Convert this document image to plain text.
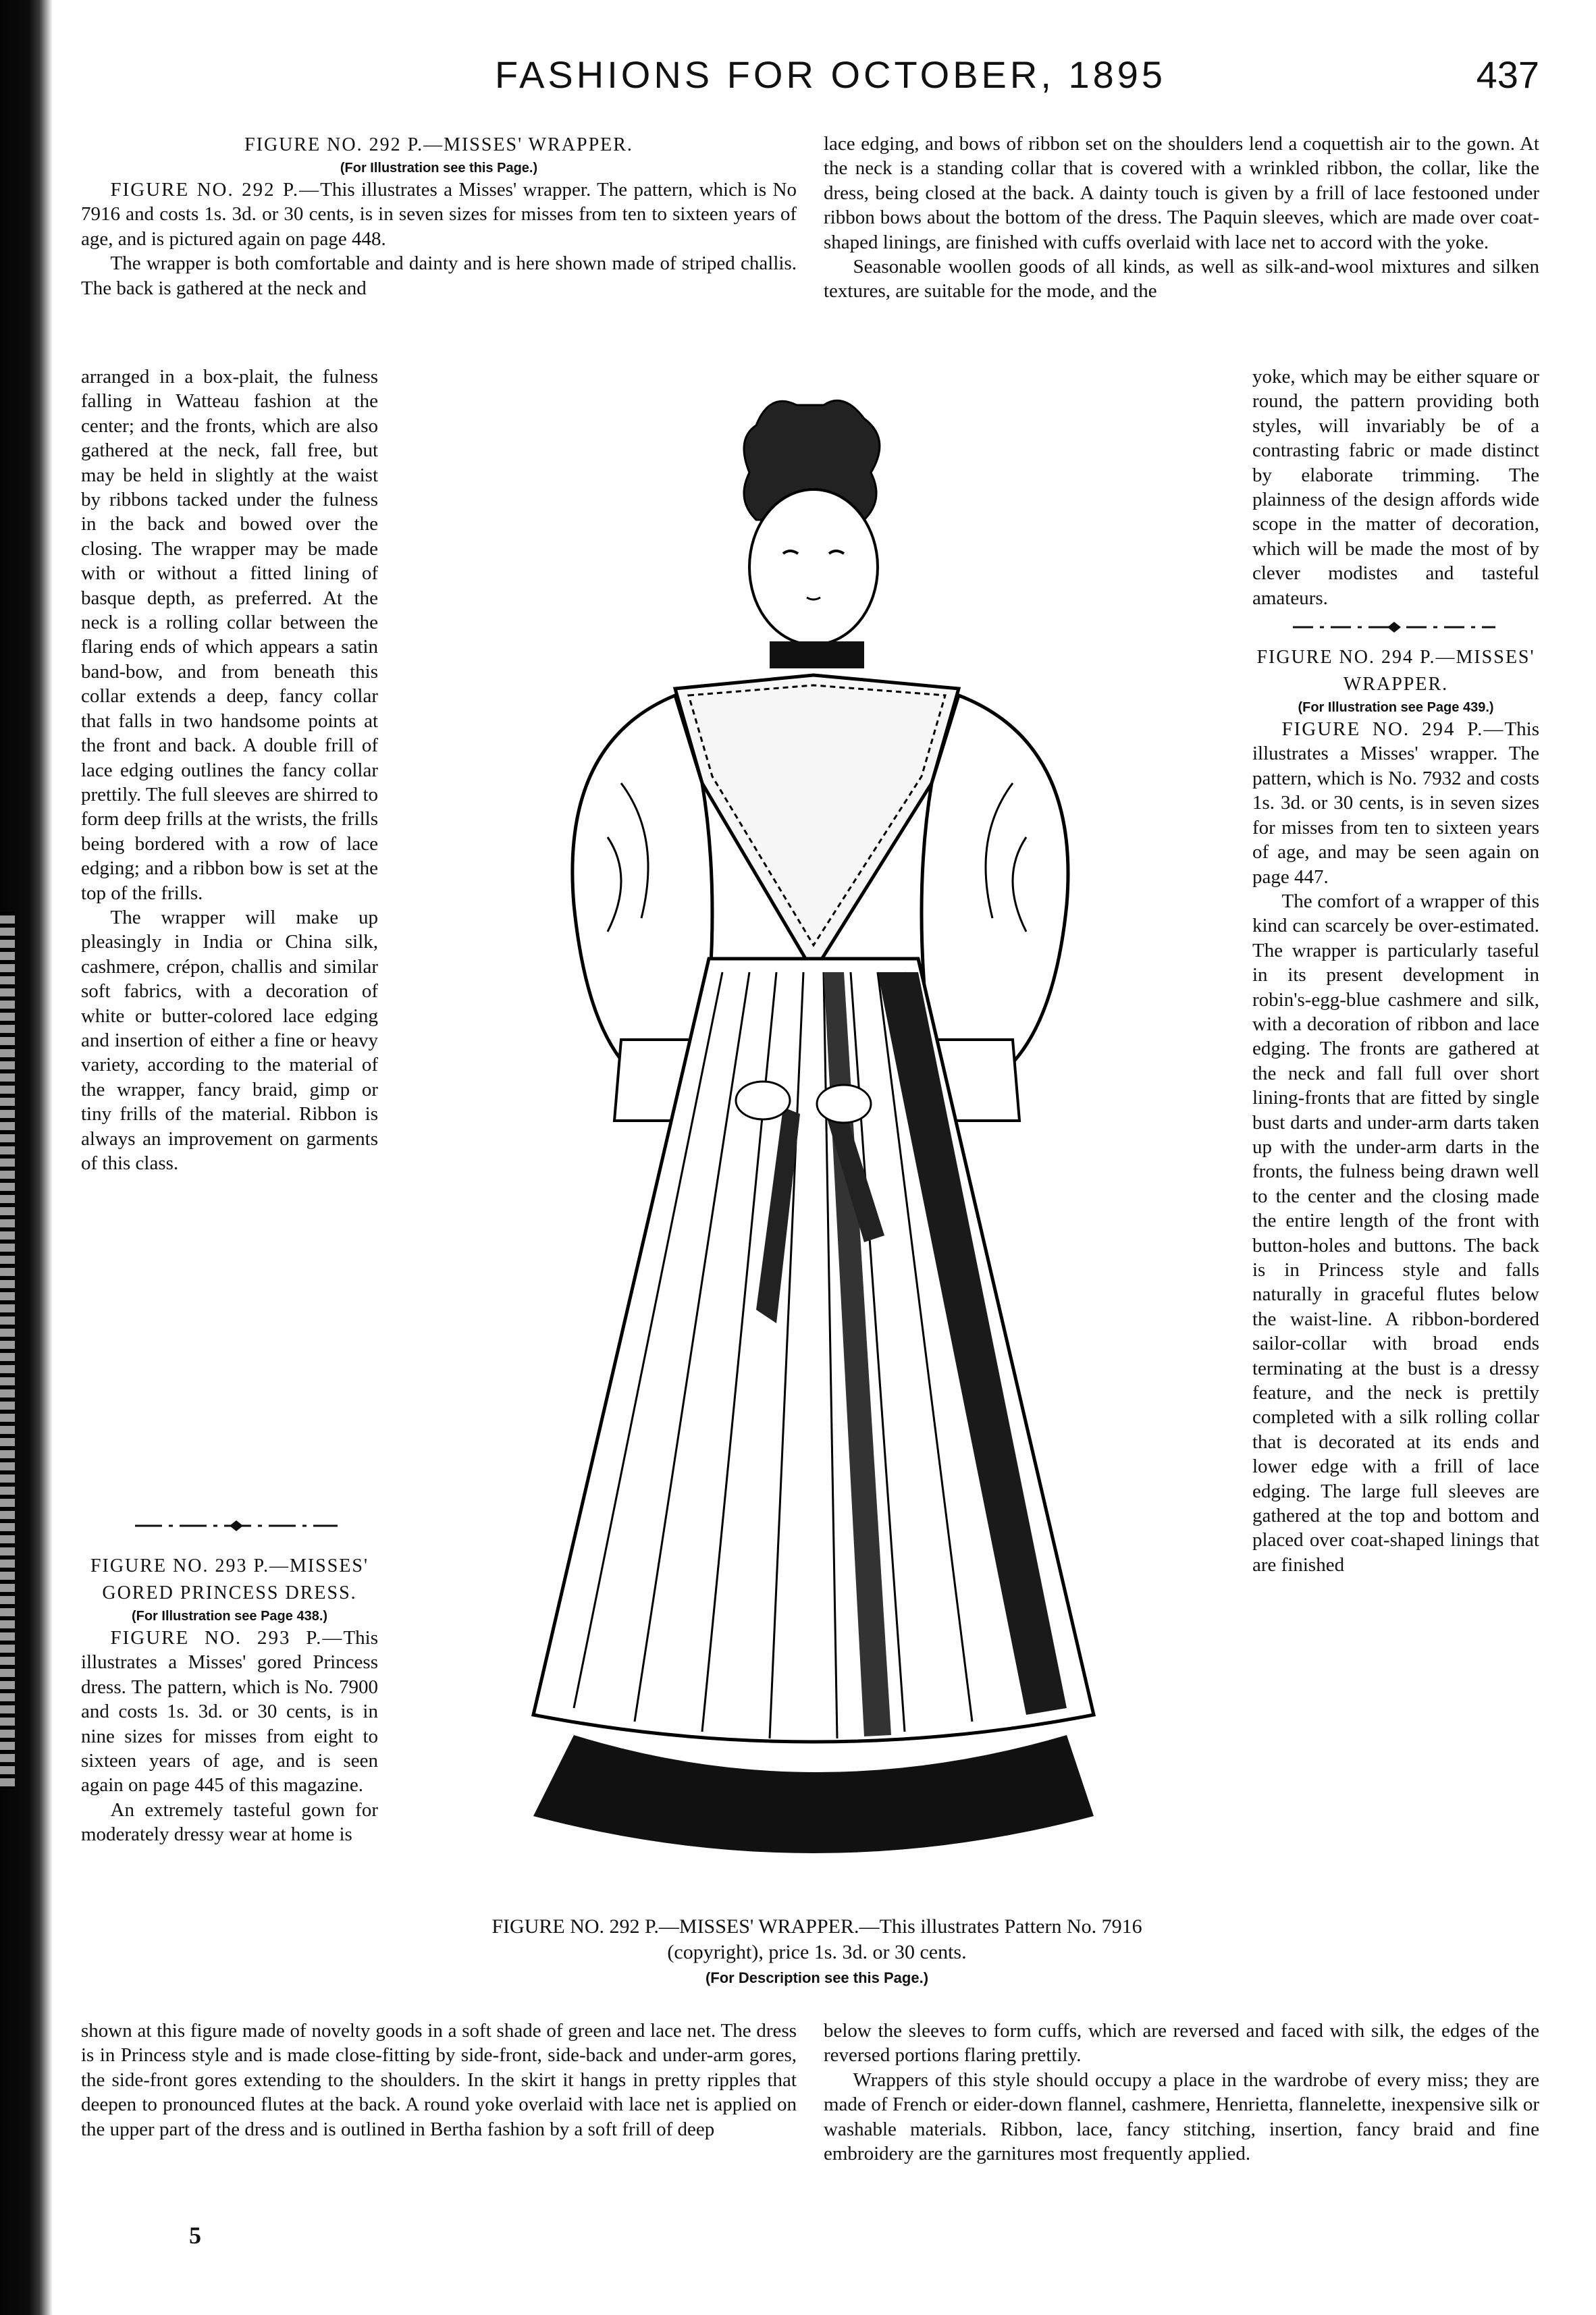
FASHIONS FOR OCTOBER, 1895	437
FIGURE NO. 292 P.—MISSES' WRAPPER.
(For Illustration see this Page.)

FIGURE NO. 292 P.—This illustrates a Misses' wrapper. The pattern, which is No 7916 and costs 1s. 3d. or 30 cents, is in seven sizes for misses from ten to sixteen years of age, and is pictured again on page 448.

The wrapper is both comfortable and dainty and is here shown made of striped challis. The back is gathered at the neck and

arranged in a box-plait, the fulness falling in Watteau fashion at the center; and the fronts, which are also gathered at the neck, fall free, but may be held in slightly at the waist by ribbons tacked under the fulness in the back and bowed over the closing. The wrapper may be made with or without a fitted lining of basque depth, as preferred. At the neck is a rolling collar between the flaring ends of which appears a satin band-bow, and from beneath this collar extends a deep, fancy collar that falls in two handsome points at the front and back. A double frill of lace edging outlines the fancy collar prettily. The full sleeves are shirred to form deep frills at the wrists, the frills being bordered with a row of lace edging; and a ribbon bow is set at the top of the frills.

The wrapper will make up pleasingly in India or China silk, cashmere, crépon, challis and similar soft fabrics, with a decoration of white or butter-colored lace edging and insertion of either a fine or heavy variety, according to the material of the wrapper, fancy braid, gimp or tiny frills of the material. Ribbon is always an improvement on garments of this class.

FIGURE NO. 293 P.—MISSES' GORED PRINCESS DRESS.
(For Illustration see Page 438.)

FIGURE NO. 293 P.—This illustrates a Misses' gored Princess dress. The pattern, which is No. 7900 and costs 1s. 3d. or 30 cents, is in nine sizes for misses from eight to sixteen years of age, and is seen again on page 445 of this magazine.

An extremely tasteful gown for moderately dressy wear at home is

shown at this figure made of novelty goods in a soft shade of green and lace net. The dress is in Princess style and is made close-fitting by side-front, side-back and under-arm gores, the side-front gores extending to the shoulders. In the skirt it hangs in pretty ripples that deepen to pronounced flutes at the back. A round yoke overlaid with lace net is applied on the upper part of the dress and is outlined in Bertha fashion by a soft frill of deep

lace edging, and bows of ribbon set on the shoulders lend a coquettish air to the gown. At the neck is a standing collar that is covered with a wrinkled ribbon, the collar, like the dress, being closed at the back. A dainty touch is given by a frill of lace festooned under ribbon bows about the bottom of the dress. The Paquin sleeves, which are made over coat-shaped linings, are finished with cuffs overlaid with lace net to accord with the yoke.

Seasonable woollen goods of all kinds, as well as silk-and-wool mixtures and silken textures, are suitable for the mode, and the

yoke, which may be either square or round, the pattern providing both styles, will invariably be of a contrasting fabric or made distinct by elaborate trimming. The plainness of the design affords wide scope in the matter of decoration, which will be made the most of by clever modistes and tasteful amateurs.

FIGURE NO. 294 P.—MISSES' WRAPPER.
(For Illustration see Page 439.)

FIGURE NO. 294 P.—This illustrates a Misses' wrapper. The pattern, which is No. 7932 and costs 1s. 3d. or 30 cents, is in seven sizes for misses from ten to sixteen years of age, and may be seen again on page 447.

The comfort of a wrapper of this kind can scarcely be over-estimated. The wrapper is particularly taseful in its present development in robin's-egg-blue cashmere and silk, with a decoration of ribbon and lace edging. The fronts are gathered at the neck and fall full over short lining-fronts that are fitted by single bust darts and under-arm darts taken up with the under-arm darts in the fronts, the fulness being drawn well to the center and the closing made the entire length of the front with button-holes and buttons. The back is in Princess style and falls naturally in graceful flutes below the waist-line. A ribbon-bordered sailor-collar with broad ends terminating at the bust is a dressy feature, and the neck is prettily completed with a silk rolling collar that is decorated at its ends and lower edge with a frill of lace edging. The large full sleeves are gathered at the top and bottom and placed over coat-shaped linings that are finished

below the sleeves to form cuffs, which are reversed and faced with silk, the edges of the reversed portions flaring prettily.

Wrappers of this style should occupy a place in the wardrobe of every miss; they are made of French or eider-down flannel, cashmere, Henrietta, flannelette, inexpensive silk or washable materials. Ribbon, lace, fancy stitching, insertion, fancy braid and fine embroidery are the garnitures most frequently applied.

FIGURE NO. 292 P.—MISSES' WRAPPER.—This illustrates Pattern No. 7916
(copyright), price 1s. 3d. or 30 cents.
(For Description see this Page.)
5
